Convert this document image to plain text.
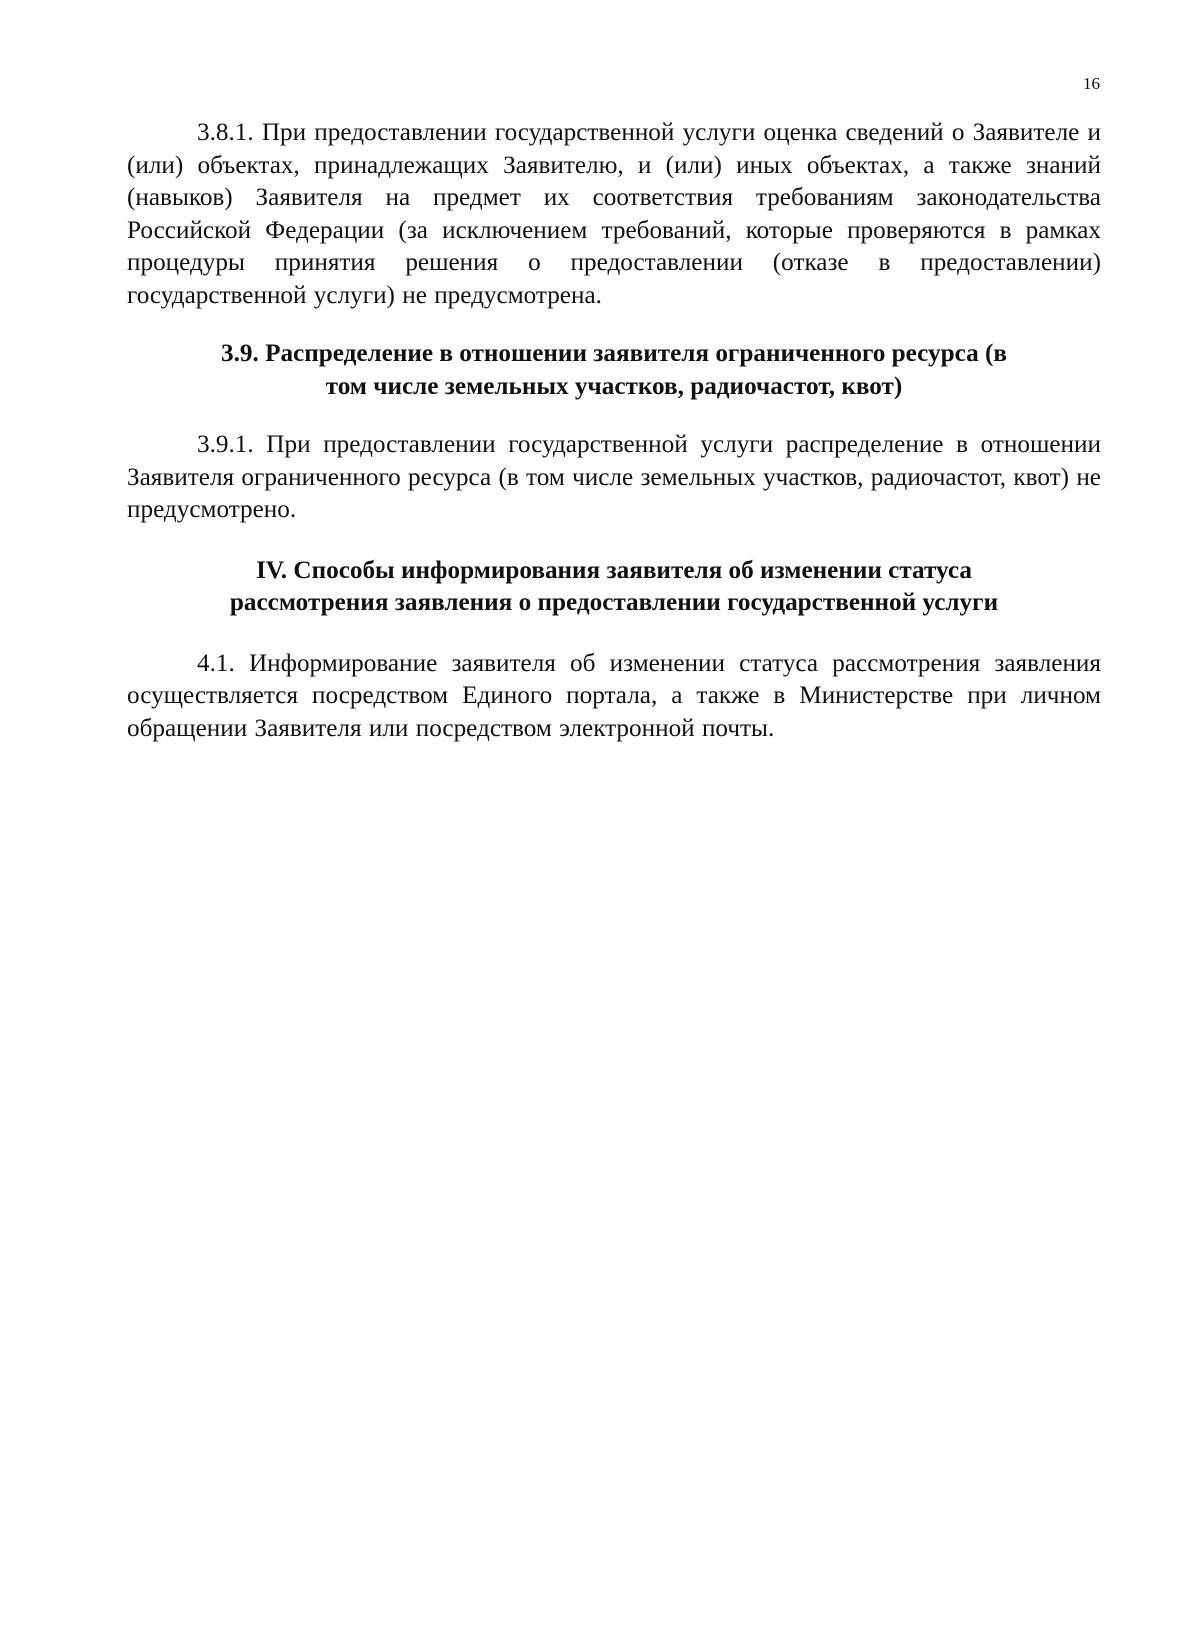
16

3.8.1. При предоставлении государственной услуги оценка сведений о Заявителе и (или) объектах, принадлежащих Заявителю, и (или) иных объектах, а также знаний (навыков) Заявителя на предмет их соответствия требованиям законодательства Российской Федерации (за исключением требований, которые проверяются в рамках процедуры принятия решения о предоставлении (отказе в предоставлении) государственной услуги) не предусмотрена.

3.9. Распределение в отношении заявителя ограниченного ресурса (в
том числе земельных участков, радиочастот, квот)

3.9.1. При предоставлении государственной услуги распределение в отношении Заявителя ограниченного ресурса (в том числе земельных участков, радиочастот, квот) не предусмотрено.

IV. Способы информирования заявителя об изменении статуса
рассмотрения заявления о предоставлении государственной услуги

4.1. Информирование заявителя об изменении статуса рассмотрения заявления осуществляется посредством Единого портала, а также в Министерстве при личном обращении Заявителя или посредством электронной почты.
